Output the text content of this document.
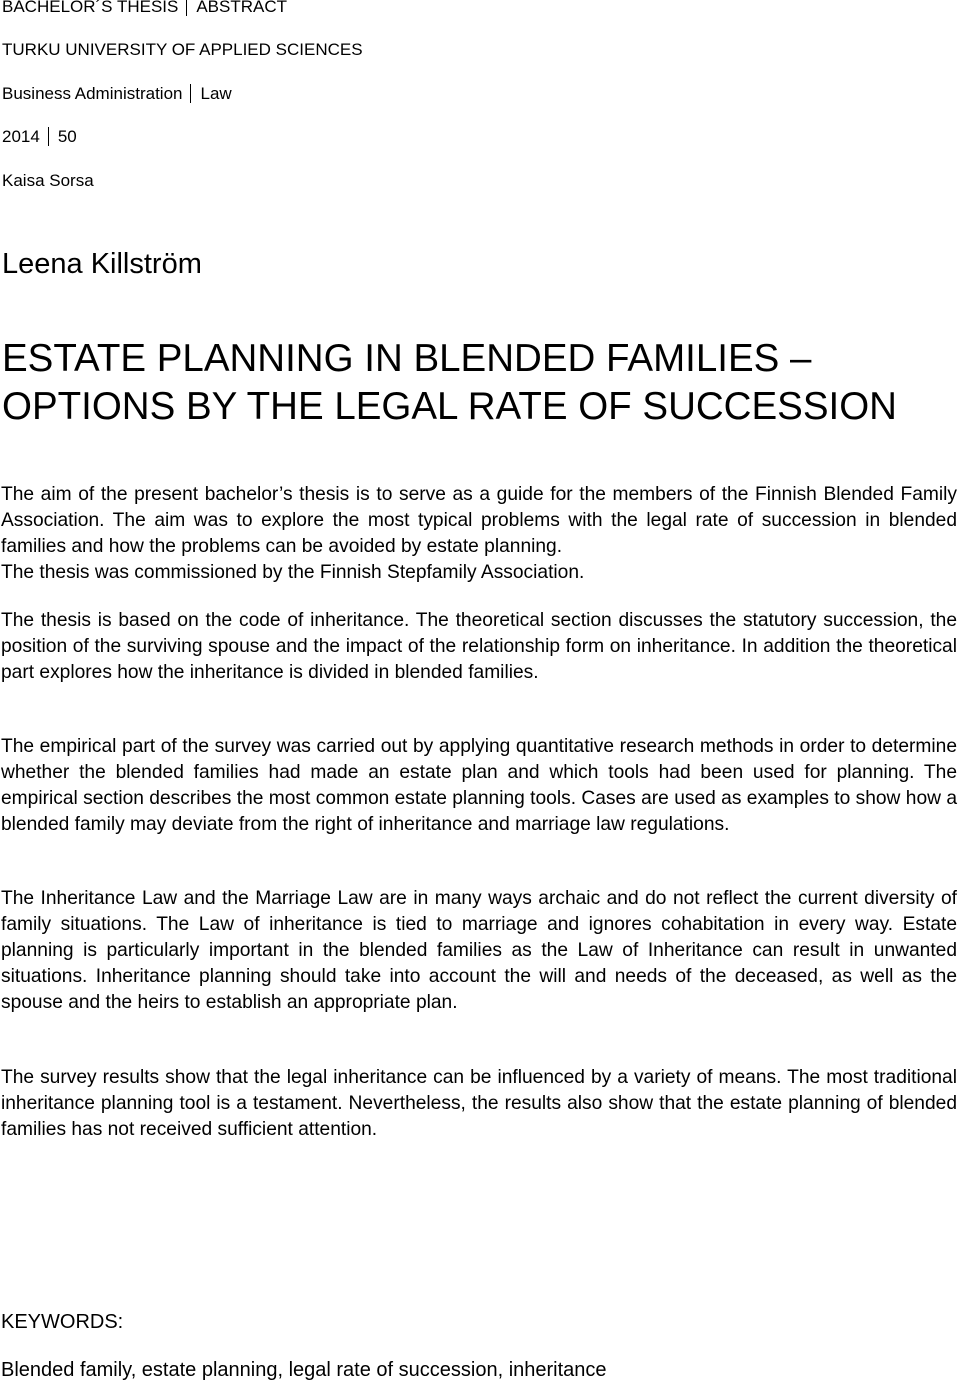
BACHELOR´S THESIS ABSTRACT
TURKU UNIVERSITY OF APPLIED SCIENCES
Business Administration Law
2014 50
Kaisa Sorsa
Leena Killström
ESTATE PLANNING IN BLENDED FAMILIES –
OPTIONS BY THE LEGAL RATE OF SUCCESSION

The aim of the present bachelor’s thesis is to serve as a guide for the members of the Finnish Blended Family Association. The aim was to explore the most typical problems with the legal rate of succession in blended families and how the problems can be avoided by estate planning.

The thesis was commissioned by the Finnish Stepfamily Association.

The thesis is based on the code of inheritance. The theoretical section discusses the statutory succession, the position of the surviving spouse and the impact of the relationship form on inheritance. In addition the theoretical part explores how the inheritance is divided in blended families.

The empirical part of the survey was carried out by applying quantitative research methods in order to determine whether the blended families had made an estate plan and which tools had been used for planning. The empirical section describes the most common estate planning tools. Cases are used as examples to show how a blended family may deviate from the right of inheritance and marriage law regulations.

The Inheritance Law and the Marriage Law are in many ways archaic and do not reflect the current diversity of family situations. The Law of inheritance is tied to marriage and ignores cohabitation in every way. Estate planning is particularly important in the blended families as the Law of Inheritance can result in unwanted situations. Inheritance planning should take into account the will and needs of the deceased, as well as the spouse and the heirs to establish an appropriate plan.

The survey results show that the legal inheritance can be influenced by a variety of means. The most traditional inheritance planning tool is a testament. Nevertheless, the results also show that the estate planning of blended families has not received sufficient attention.

KEYWORDS:
Blended family, estate planning, legal rate of succession, inheritance
